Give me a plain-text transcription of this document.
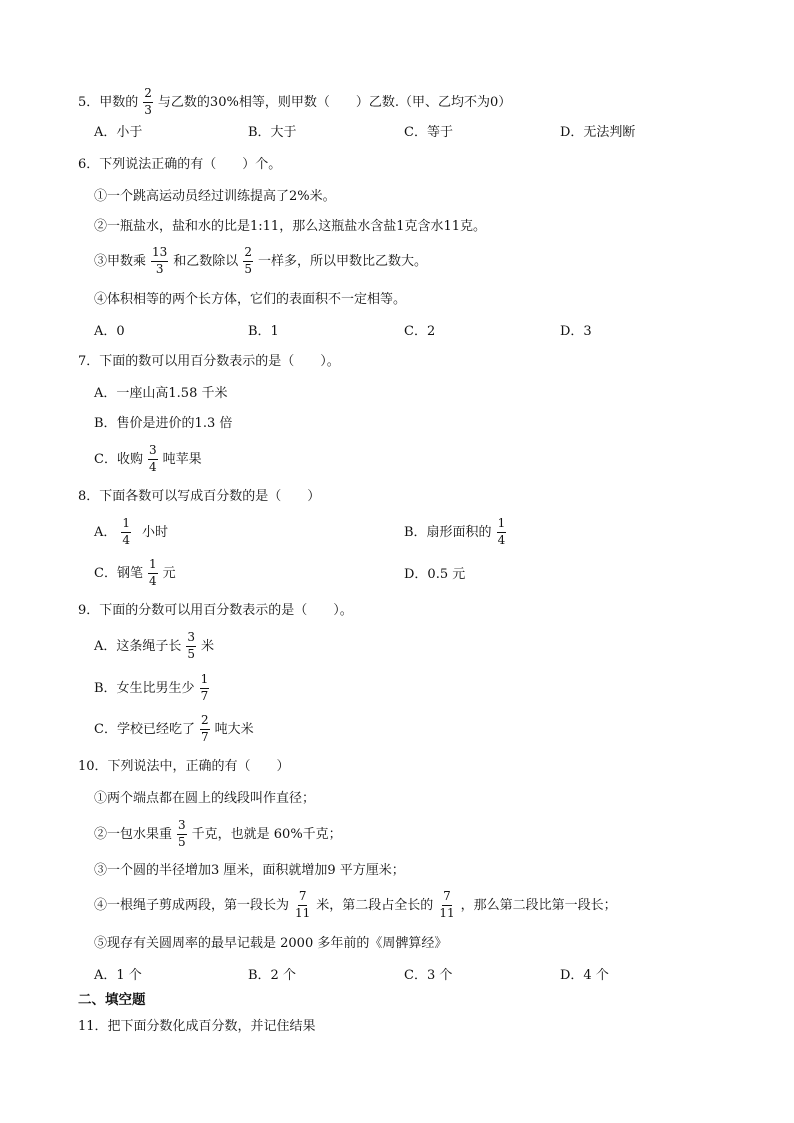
5．甲数的 $\frac{2}{3}$ 与乙数的30%相等，则甲数（　　）乙数.（甲、乙均不为0）
A．小于	B．大于	C．等于	D．无法判断
6．下列说法正确的有（　　）个。
①一个跳高运动员经过训练提高了2%米。
②一瓶盐水，盐和水的比是1:11，那么这瓶盐水含盐1克含水11克。
③甲数乘 $\frac{13}{3}$ 和乙数除以 $\frac{2}{5}$ 一样多，所以甲数比乙数大。
④体积相等的两个长方体，它们的表面积不一定相等。
A．0	B．1	C．2	D．3
7．下面的数可以用百分数表示的是（　　）。
A．一座山高1.58 千米
B．售价是进价的1.3 倍
C．收购 $\frac{3}{4}$ 吨苹果
8．下面各数可以写成百分数的是（　　）
A． $\frac{1}{4}$ 小时	B．扇形面积的 $\frac{1}{4}$
C．钢笔 $\frac{1}{4}$ 元	D．0.5 元
9．下面的分数可以用百分数表示的是（　　）。
A．这条绳子长 $\frac{3}{5}$ 米
B．女生比男生少 $\frac{1}{7}$
C．学校已经吃了 $\frac{2}{7}$ 吨大米
10．下列说法中，正确的有（　　）
①两个端点都在圆上的线段叫作直径；
②一包水果重 $\frac{3}{5}$ 千克，也就是 60%千克；
③一个圆的半径增加3 厘米，面积就增加9 平方厘米；
④一根绳子剪成两段，第一段长为 $\frac{7}{11}$ 米，第二段占全长的 $\frac{7}{11}$ ，那么第二段比第一段长；
⑤现存有关圆周率的最早记载是 2000 多年前的《周髀算经》
A．1 个	B．2 个	C．3 个	D．4 个
二、填空题
11．把下面分数化成百分数，并记住结果
